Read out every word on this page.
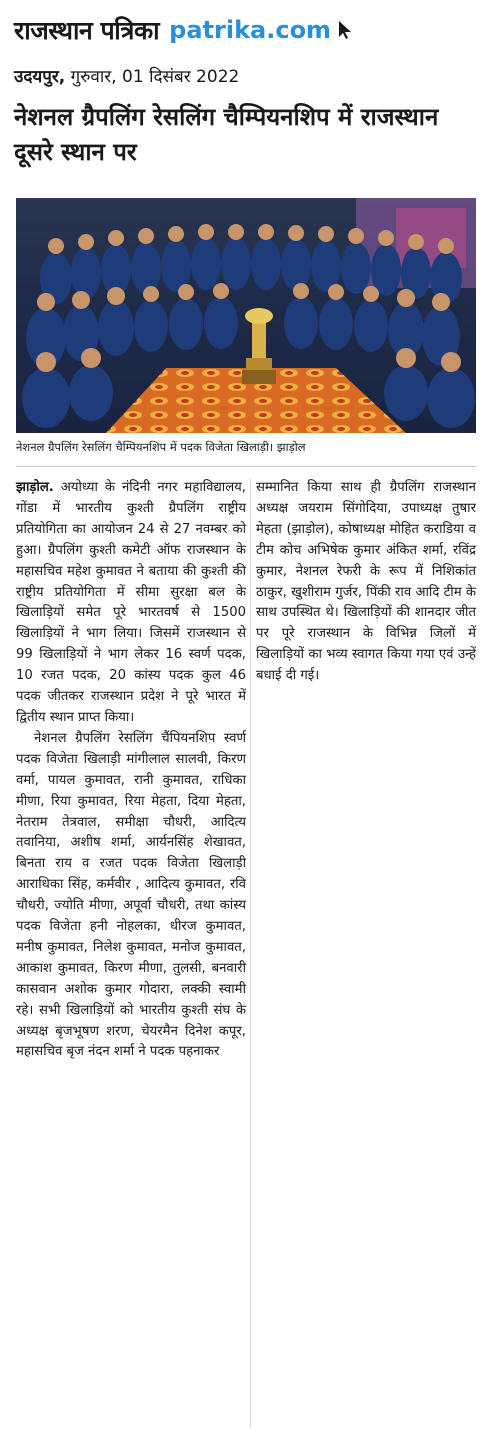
राजस्थान पत्रिका patrika.com
उदयपुर, गुरुवार, 01 दिसंबर 2022
नेशनल ग्रैपलिंग रेसलिंग चैम्पियनशिप में राजस्थान दूसरे स्थान पर
नेशनल ग्रैपलिंग रेसलिंग चैम्पियनशिप में पदक विजेता खिलाड़ी। झाड़ोल

झाड़ोल. अयोध्या के नंदिनी नगर महाविद्यालय, गोंडा में भारतीय कुश्ती ग्रैपलिंग राष्ट्रीय प्रतियोगिता का आयोजन 24 से 27 नवम्बर को हुआ। ग्रैपलिंग कुश्ती कमेटी ऑफ राजस्थान के महासचिव महेश कुमावत ने बताया की कुश्ती की राष्ट्रीय प्रतियोगिता में सीमा सुरक्षा बल के खिलाड़ियों समेत पूरे भारतवर्ष से 1500 खिलाड़ियों ने भाग लिया। जिसमें राजस्थान से 99 खिलाड़ियों ने भाग लेकर 16 स्वर्ण पदक, 10 रजत पदक, 20 कांस्य पदक कुल 46 पदक जीतकर राजस्थान प्रदेश ने पूरे भारत में द्वितीय स्थान प्राप्त किया।

नेशनल ग्रैपलिंग रेसलिंग चैंपियनशिप स्वर्ण पदक विजेता खिलाड़ी मांगीलाल सालवी, किरण वर्मा, पायल कुमावत, रानी कुमावत, राधिका मीणा, रिया कुमावत, रिया मेहता, दिया मेहता, नेतराम तेत्रवाल, समीक्षा चौधरी, आदित्य तवानिया, अशीष शर्मा, आर्यनसिंह शेखावत, बिनता राय व रजत पदक विजेता खिलाड़ी आराधिका सिंह, कर्मवीर , आदित्य कुमावत, रवि चौधरी, ज्योति मीणा, अपूर्वा चौधरी, तथा कांस्य पदक विजेता हनी नोहलका, धीरज कुमावत, मनीष कुमावत, निलेश कुमावत, मनोज कुमावत, आकाश कुमावत, किरण मीणा, तुलसी, बनवारी कासवान अशोक कुमार गोदारा, लक्की स्वामी रहे। सभी खिलाड़ियों को भारतीय कुश्ती संघ के अध्यक्ष बृजभूषण शरण, चेयरमैन दिनेश कपूर, महासचिव बृज नंदन शर्मा ने पदक पहनाकर

सम्मानित किया साथ ही ग्रैपलिंग राजस्थान अध्यक्ष जयराम सिंगोदिया, उपाध्यक्ष तुषार मेहता (झाड़ोल), कोषाध्यक्ष मोहित कराडिया व टीम कोच अभिषेक कुमार अंकित शर्मा, रविंद्र कुमार, नेशनल रेफरी के रूप में निशिकांत ठाकुर, खुशीराम गुर्जर, पिंकी राव आदि टीम के साथ उपस्थित थे। खिलाड़ियों की शानदार जीत पर पूरे राजस्थान के विभिन्न जिलों में खिलाड़ियों का भव्य स्वागत किया गया एवं उन्हें बधाई दी गई।
